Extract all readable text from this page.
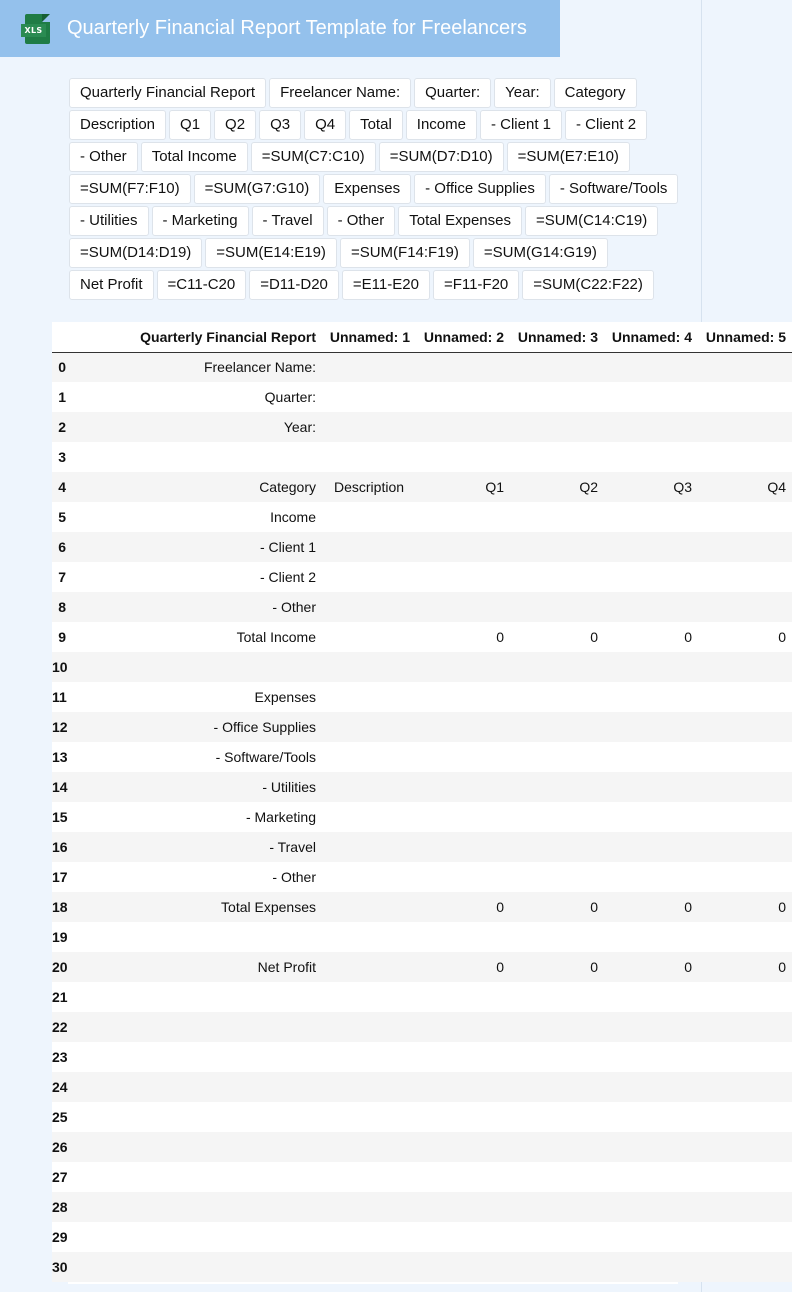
XLS Quarterly Financial Report Template for Freelancers
Quarterly Financial Report	Freelancer Name:	Quarter:	Year:	Category
Description	Q1	Q2	Q3	Q4	Total	Income	- Client 1	- Client 2
- Other	Total Income	=SUM(C7:C10)	=SUM(D7:D10)	=SUM(E7:E10)
=SUM(F7:F10)	=SUM(G7:G10)	Expenses	- Office Supplies	- Software/Tools
- Utilities	- Marketing	- Travel	- Other	Total Expenses	=SUM(C14:C19)
=SUM(D14:D19)	=SUM(E14:E19)	=SUM(F14:F19)	=SUM(G14:G19)
Net Profit	=C11-C20	=D11-D20	=E11-E20	=F11-F20	=SUM(C22:F22)
	Quarterly Financial Report	Unnamed: 1	Unnamed: 2	Unnamed: 3	Unnamed: 4	Unnamed: 5
0	Freelancer Name:					
1	Quarter:					
2	Year:					
3						
4	Category	Description	Q1	Q2	Q3	Q4
5	Income					
6	- Client 1					
7	- Client 2					
8	- Other					
9	Total Income		0	0	0	0
10						
11	Expenses					
12	- Office Supplies					
13	- Software/Tools					
14	- Utilities					
15	- Marketing					
16	- Travel					
17	- Other					
18	Total Expenses		0	0	0	0
19						
20	Net Profit		0	0	0	0
21						
22						
23						
24						
25						
26						
27						
28						
29						
30						
